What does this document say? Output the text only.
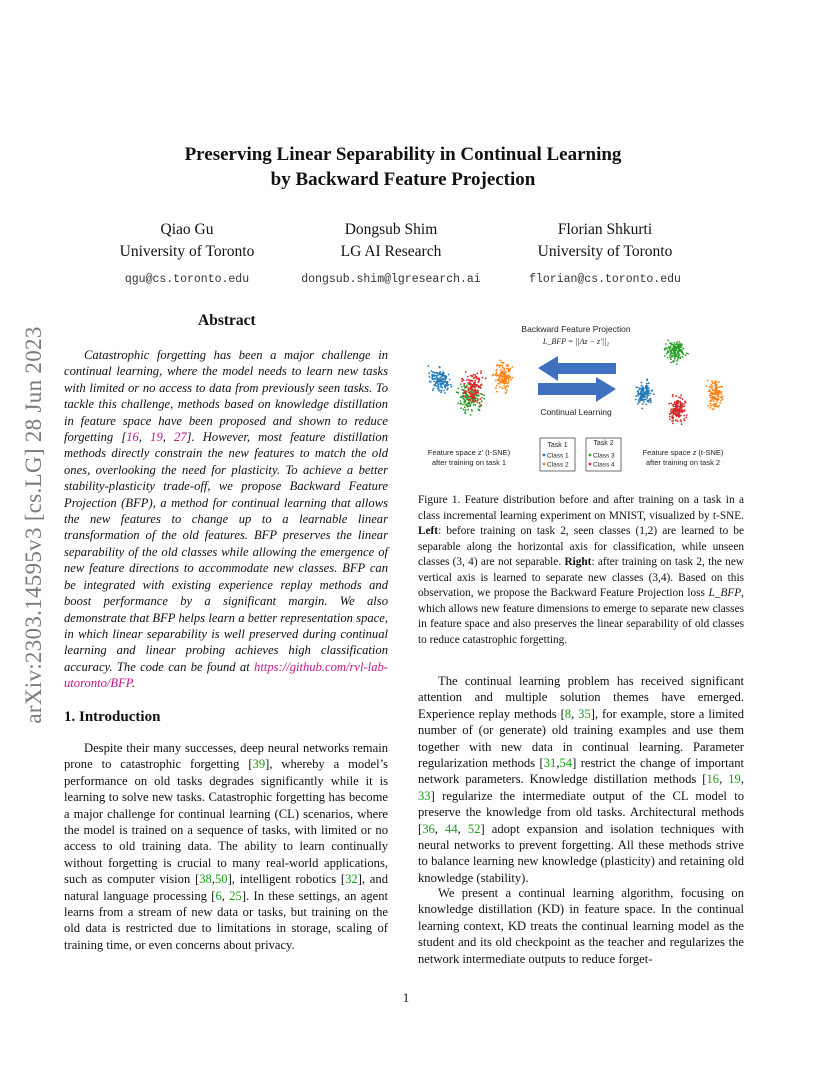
arXiv:2303.14595v3 [cs.LG] 28 Jun 2023
Preserving Linear Separability in Continual Learning
by Backward Feature Projection
Qiao Gu
University of Toronto
qgu@cs.toronto.edu
Dongsub Shim
LG AI Research
dongsub.shim@lgresearch.ai
Florian Shkurti
University of Toronto
florian@cs.toronto.edu
Abstract
Catastrophic forgetting has been a major challenge in continual learning, where the model needs to learn new tasks with limited or no access to data from previously seen tasks. To tackle this challenge, methods based on knowledge distillation in feature space have been proposed and shown to reduce forgetting [16, 19, 27]. However, most feature distillation methods directly constrain the new features to match the old ones, overlooking the need for plasticity. To achieve a better stability-plasticity trade-off, we propose Backward Feature Projection (BFP), a method for continual learning that allows the new features to change up to a learnable linear transformation of the old features. BFP preserves the linear separability of the old classes while allowing the emergence of new feature directions to accommodate new classes. BFP can be integrated with existing experience replay methods and boost performance by a significant margin. We also demonstrate that BFP helps learn a better representation space, in which linear separability is well preserved during continual learning and linear probing achieves high classification accuracy. The code can be found at https://github.com/rvl-lab-utoronto/BFP.
1. Introduction
Despite their many successes, deep neural networks remain prone to catastrophic forgetting [39], whereby a model’s performance on old tasks degrades significantly while it is learning to solve new tasks. Catastrophic forgetting has become a major challenge for continual learning (CL) scenarios, where the model is trained on a sequence of tasks, with limited or no access to old training data. The ability to learn continually without forgetting is crucial to many real-world applications, such as computer vision [38,50], intelligent robotics [32], and natural language processing [6, 25]. In these settings, an agent learns from a stream of new data or tasks, but training on the old data is restricted due to limitations in storage, scaling of training time, or even concerns about privacy.
Backward Feature Projection
L_BFP = ||Az − z′||₂
Continual Learning
Feature space z′ (t-SNE)
after training on task 1
Feature space z (t-SNE)
after training on task 2
Task 1	Task 2
Class 1
Class 2
Class 3
Class 4
Figure 1. Feature distribution before and after training on a task in a class incremental learning experiment on MNIST, visualized by t-SNE. Left: before training on task 2, seen classes (1,2) are learned to be separable along the horizontal axis for classification, while unseen classes (3, 4) are not separable. Right: after training on task 2, the new vertical axis is learned to separate new classes (3,4). Based on this observation, we propose the Backward Feature Projection loss L_BFP, which allows new feature dimensions to emerge to separate new classes in feature space and also preserves the linear separability of old classes to reduce catastrophic forgetting.
The continual learning problem has received significant attention and multiple solution themes have emerged. Experience replay methods [8, 35], for example, store a limited number of (or generate) old training examples and use them together with new data in continual learning. Parameter regularization methods [31,54] restrict the change of important network parameters. Knowledge distillation methods [16, 19, 33] regularize the intermediate output of the CL model to preserve the knowledge from old tasks. Architectural methods [36, 44, 52] adopt expansion and isolation techniques with neural networks to prevent forgetting. All these methods strive to balance learning new knowledge (plasticity) and retaining old knowledge (stability).
We present a continual learning algorithm, focusing on knowledge distillation (KD) in feature space. In the continual learning context, KD treats the continual learning model as the student and its old checkpoint as the teacher and regularizes the network intermediate outputs to reduce forget-
1
